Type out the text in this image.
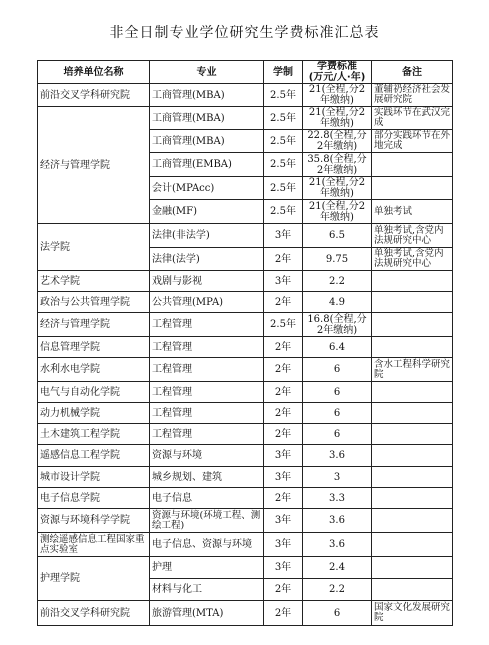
非全日制专业学位研究生学费标准汇总表
培养单位名称	专业	学制	学费标准
(万元/人·年)	备注
前沿交叉学科研究院	工商管理(MBA)	2.5年	21(全程,分2年缴纳)	董辅礽经济社会发展研究院
经济与管理学院	工商管理(MBA)	2.5年	21(全程,分2年缴纳)	实践环节在武汉完成
	工商管理(MBA)	2.5年	22.8(全程,分2年缴纳)	部分实践环节在外地完成
	工商管理(EMBA)	2.5年	35.8(全程,分2年缴纳)	
	会计(MPAcc)	2.5年	21(全程,分2年缴纳)	
	金融(MF)	2.5年	21(全程,分2年缴纳)	单独考试
法学院	法律(非法学)	3年	6.5	单独考试,含党内法规研究中心
	法律(法学)	2年	9.75	单独考试,含党内法规研究中心
艺术学院	戏剧与影视	3年	2.2	
政治与公共管理学院	公共管理(MPA)	2年	4.9	
经济与管理学院	工程管理	2.5年	16.8(全程,分2年缴纳)	
信息管理学院	工程管理	2年	6.4	
水利水电学院	工程管理	2年	6	含水工程科学研究院
电气与自动化学院	工程管理	2年	6	
动力机械学院	工程管理	2年	6	
土木建筑工程学院	工程管理	2年	6	
遥感信息工程学院	资源与环境	3年	3.6	
城市设计学院	城乡规划、建筑	3年	3	
电子信息学院	电子信息	2年	3.3	
资源与环境科学学院	资源与环境(环境工程、测绘工程)	3年	3.6	
测绘遥感信息工程国家重点实验室	电子信息、资源与环境	3年	3.6	
护理学院	护理	3年	2.4	
	材料与化工	2年	2.2	
前沿交叉学科研究院	旅游管理(MTA)	2年	6	国家文化发展研究院
